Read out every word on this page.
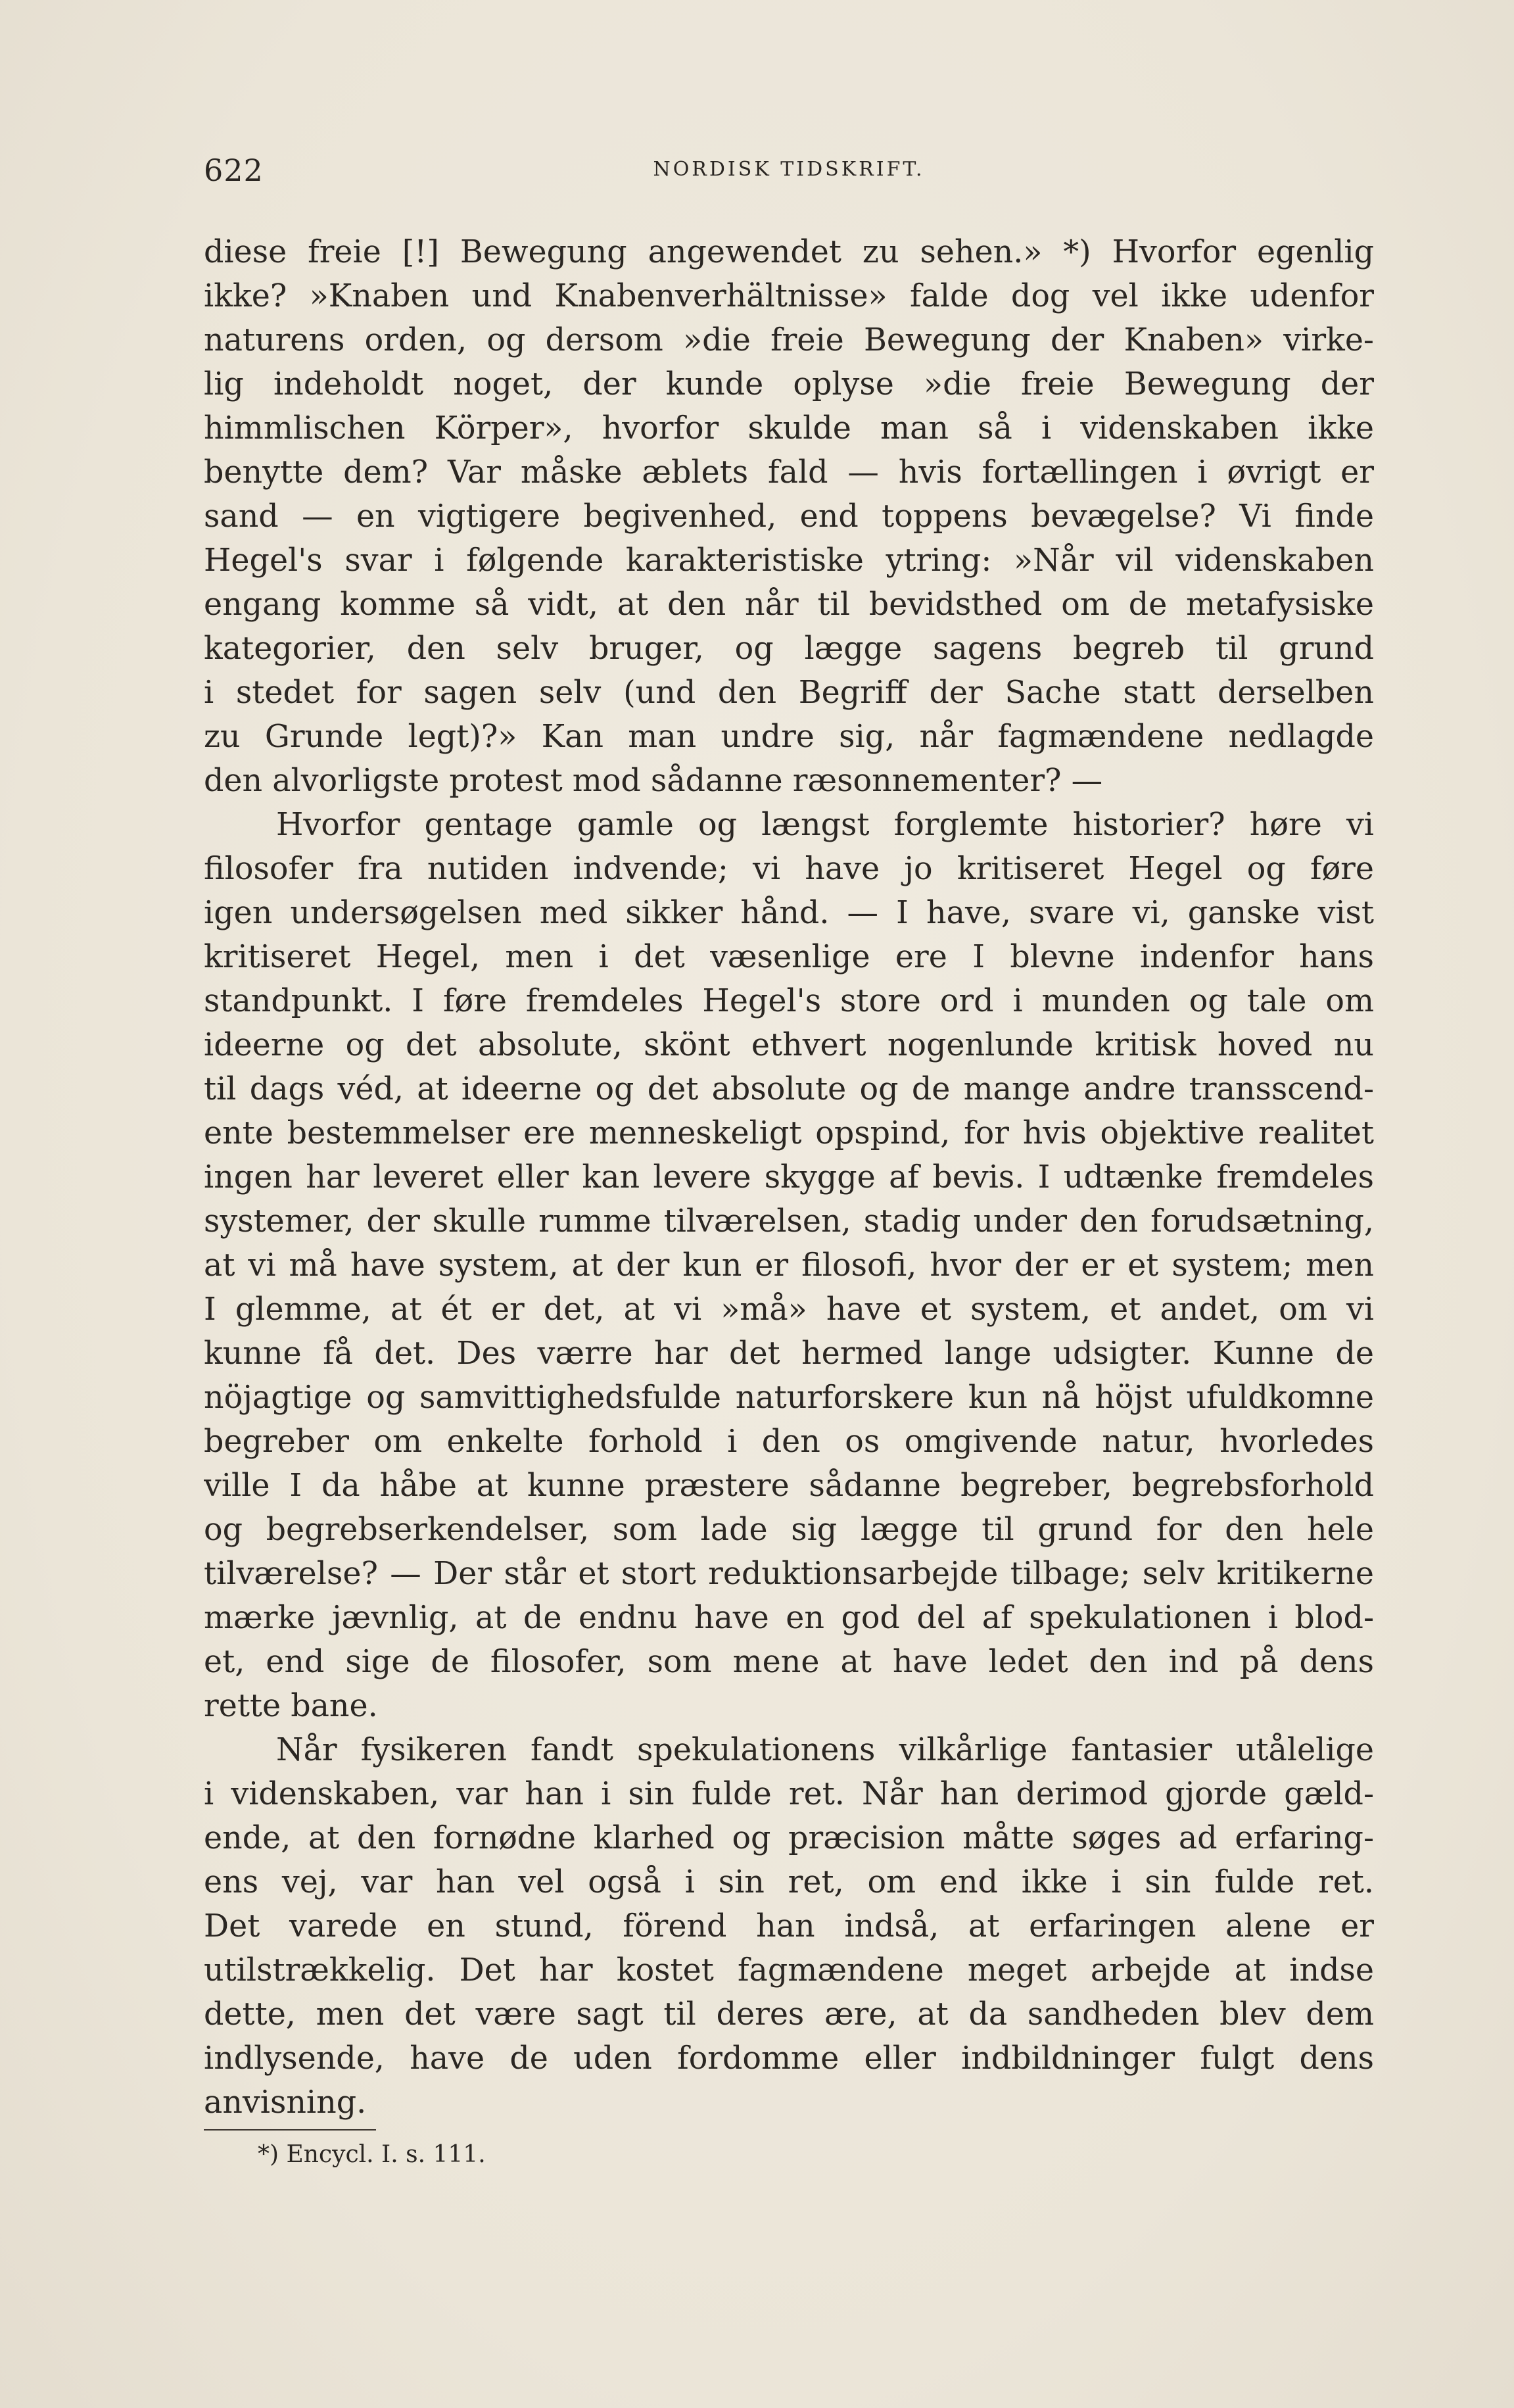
622	NORDISK TIDSKRIFT.
diese freie [!] Bewegung angewendet zu sehen.» *) Hvorfor egenlig
ikke? »Knaben und Knabenverhältnisse» falde dog vel ikke udenfor
naturens orden, og dersom »die freie Bewegung der Knaben» virke-
lig indeholdt noget, der kunde oplyse »die freie Bewegung der
himmlischen Körper», hvorfor skulde man så i videnskaben ikke
benytte dem? Var måske æblets fald — hvis fortællingen i øvrigt er
sand — en vigtigere begivenhed, end toppens bevægelse? Vi finde
Hegel's svar i følgende karakteristiske ytring: »Når vil videnskaben
engang komme så vidt, at den når til bevidsthed om de metafysiske
kategorier, den selv bruger, og lægge sagens begreb til grund
i stedet for sagen selv (und den Begriff der Sache statt derselben
zu Grunde legt)?» Kan man undre sig, når fagmændene nedlagde
den alvorligste protest mod sådanne ræsonnementer? —
Hvorfor gentage gamle og længst forglemte historier? høre vi
filosofer fra nutiden indvende; vi have jo kritiseret Hegel og føre
igen undersøgelsen med sikker hånd. — I have, svare vi, ganske vist
kritiseret Hegel, men i det væsenlige ere I blevne indenfor hans
standpunkt. I føre fremdeles Hegel's store ord i munden og tale om
ideerne og det absolute, skönt ethvert nogenlunde kritisk hoved nu
til dags véd, at ideerne og det absolute og de mange andre transscend-
ente bestemmelser ere menneskeligt opspind, for hvis objektive realitet
ingen har leveret eller kan levere skygge af bevis. I udtænke fremdeles
systemer, der skulle rumme tilværelsen, stadig under den forudsætning,
at vi må have system, at der kun er filosofi, hvor der er et system; men
I glemme, at ét er det, at vi »må» have et system, et andet, om vi
kunne få det. Des værre har det hermed lange udsigter. Kunne de
nöjagtige og samvittighedsfulde naturforskere kun nå höjst ufuldkomne
begreber om enkelte forhold i den os omgivende natur, hvorledes
ville I da håbe at kunne præstere sådanne begreber, begrebsforhold
og begrebserkendelser, som lade sig lægge til grund for den hele
tilværelse? — Der står et stort reduktionsarbejde tilbage; selv kritikerne
mærke jævnlig, at de endnu have en god del af spekulationen i blod-
et, end sige de filosofer, som mene at have ledet den ind på dens
rette bane.
Når fysikeren fandt spekulationens vilkårlige fantasier utålelige
i videnskaben, var han i sin fulde ret. Når han derimod gjorde gæld-
ende, at den fornødne klarhed og præcision måtte søges ad erfaring-
ens vej, var han vel også i sin ret, om end ikke i sin fulde ret.
Det varede en stund, förend han indså, at erfaringen alene er
utilstrækkelig. Det har kostet fagmændene meget arbejde at indse
dette, men det være sagt til deres ære, at da sandheden blev dem
indlysende, have de uden fordomme eller indbildninger fulgt dens
anvisning.
*) Encycl. I. s. 111.
